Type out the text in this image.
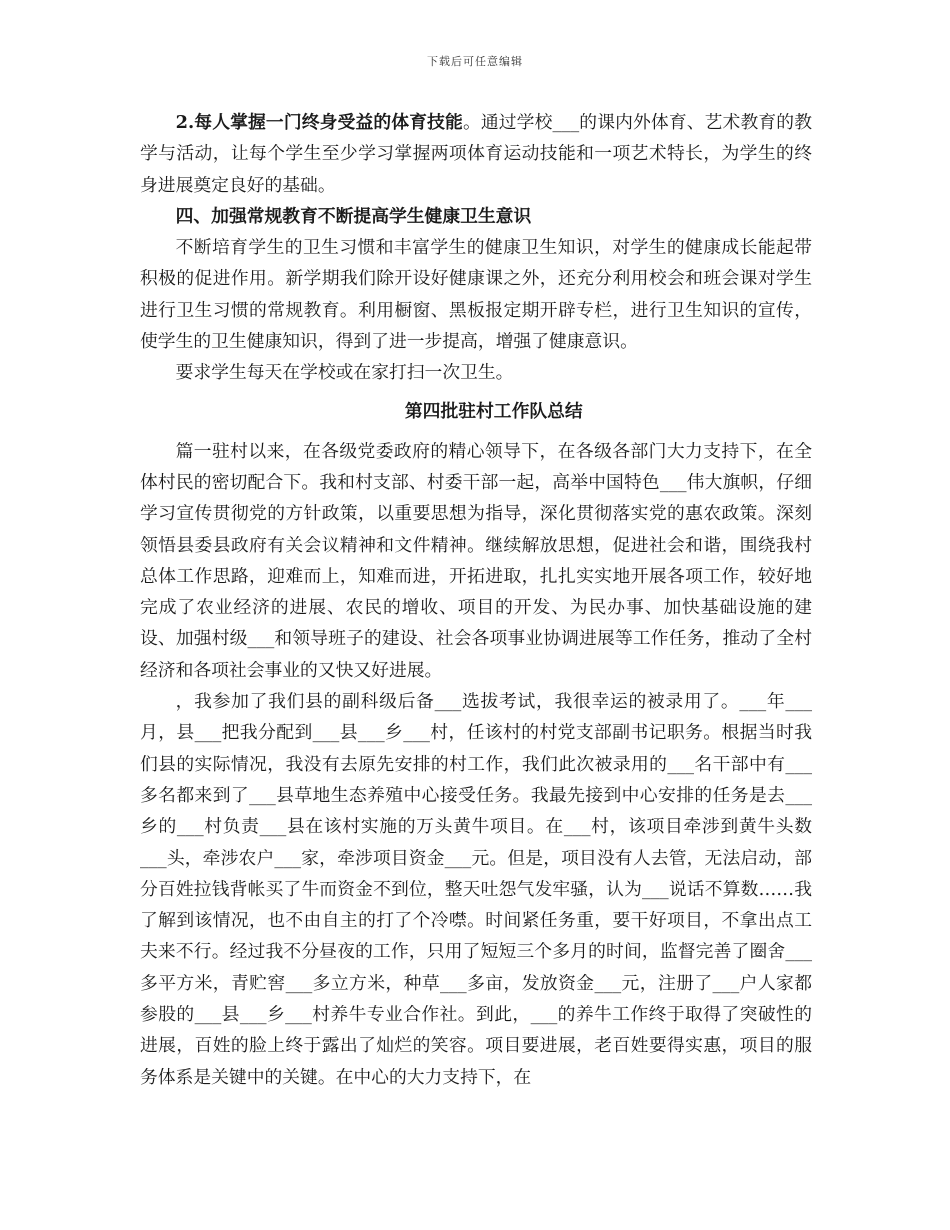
下载后可任意编辑

2.每人掌握一门终身受益的体育技能。通过学校___的课内外体育、艺术教育的教学与活动，让每个学生至少学习掌握两项体育运动技能和一项艺术特长，为学生的终身进展奠定良好的基础。

四、加强常规教育不断提高学生健康卫生意识

不断培育学生的卫生习惯和丰富学生的健康卫生知识，对学生的健康成长能起带积极的促进作用。新学期我们除开设好健康课之外，还充分利用校会和班会课对学生进行卫生习惯的常规教育。利用橱窗、黑板报定期开辟专栏，进行卫生知识的宣传，使学生的卫生健康知识，得到了进一步提高，增强了健康意识。

要求学生每天在学校或在家打扫一次卫生。

第四批驻村工作队总结

篇一驻村以来，在各级党委政府的精心领导下，在各级各部门大力支持下，在全体村民的密切配合下。我和村支部、村委干部一起，高举中国特色___伟大旗帜，仔细学习宣传贯彻党的方针政策，以重要思想为指导，深化贯彻落实党的惠农政策。深刻领悟县委县政府有关会议精神和文件精神。继续解放思想，促进社会和谐，围绕我村总体工作思路，迎难而上，知难而进，开拓进取，扎扎实实地开展各项工作，较好地完成了农业经济的进展、农民的增收、项目的开发、为民办事、加快基础设施的建设、加强村级___和领导班子的建设、社会各项事业协调进展等工作任务，推动了全村经济和各项社会事业的又快又好进展。

，我参加了我们县的副科级后备___选拔考试，我很幸运的被录用了。___年___月，县___把我分配到___县___乡___村，任该村的村党支部副书记职务。根据当时我们县的实际情况，我没有去原先安排的村工作，我们此次被录用的___名干部中有___多名都来到了___县草地生态养殖中心接受任务。我最先接到中心安排的任务是去___乡的___村负责___县在该村实施的万头黄牛项目。在___村，该项目牵涉到黄牛头数___头，牵涉农户___家，牵涉项目资金___元。但是，项目没有人去管，无法启动，部分百姓拉钱背帐买了牛而资金不到位，整天吐怨气发牢骚，认为___说话不算数……我了解到该情况，也不由自主的打了个冷噤。时间紧任务重，要干好项目，不拿出点工夫来不行。经过我不分昼夜的工作，只用了短短三个多月的时间，监督完善了圈舍___多平方米，青贮窖___多立方米，种草___多亩，发放资金___元，注册了___户人家都参股的___县___乡___村养牛专业合作社。到此，___的养牛工作终于取得了突破性的进展，百姓的脸上终于露出了灿烂的笑容。项目要进展，老百姓要得实惠，项目的服务体系是关键中的关键。在中心的大力支持下，在
